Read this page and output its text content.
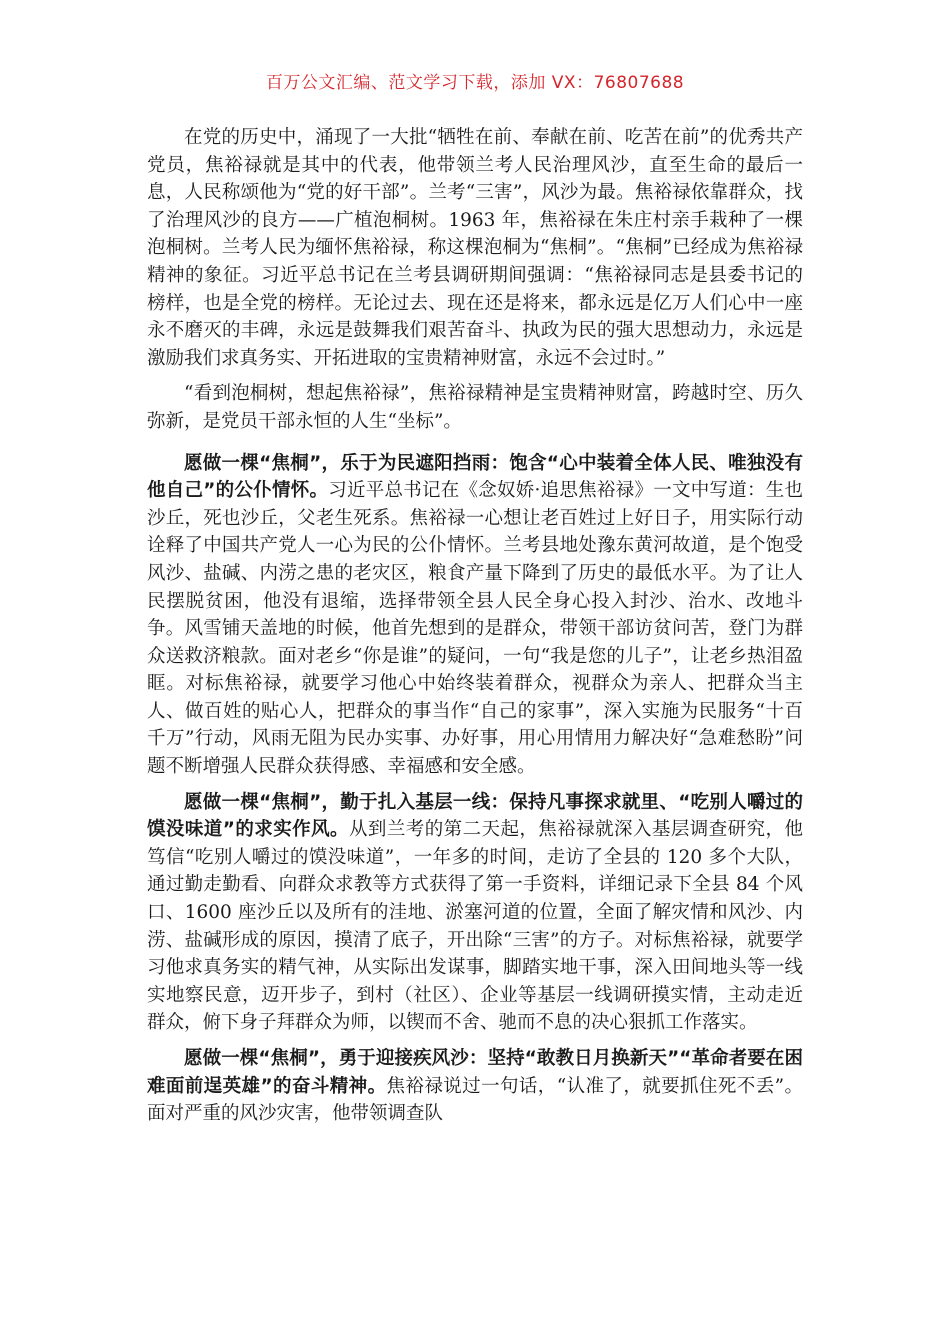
百万公文汇编、范文学习下载，添加 VX：76807688

在党的历史中，涌现了一大批“牺牲在前、奉献在前、吃苦在前”的优秀共产党员，焦裕禄就是其中的代表，他带领兰考人民治理风沙，直至生命的最后一息，人民称颂他为“党的好干部”。兰考“三害”，风沙为最。焦裕禄依靠群众，找了治理风沙的良方——广植泡桐树。1963 年，焦裕禄在朱庄村亲手栽种了一棵泡桐树。兰考人民为缅怀焦裕禄，称这棵泡桐为“焦桐”。“焦桐”已经成为焦裕禄精神的象征。习近平总书记在兰考县调研期间强调：“焦裕禄同志是县委书记的榜样，也是全党的榜样。无论过去、现在还是将来，都永远是亿万人们心中一座永不磨灭的丰碑，永远是鼓舞我们艰苦奋斗、执政为民的强大思想动力，永远是激励我们求真务实、开拓进取的宝贵精神财富，永远不会过时。”

“看到泡桐树，想起焦裕禄”，焦裕禄精神是宝贵精神财富，跨越时空、历久弥新，是党员干部永恒的人生“坐标”。

愿做一棵“焦桐”，乐于为民遮阳挡雨：饱含“心中装着全体人民、唯独没有他自己”的公仆情怀。习近平总书记在《念奴娇·追思焦裕禄》一文中写道：生也沙丘，死也沙丘，父老生死系。焦裕禄一心想让老百姓过上好日子，用实际行动诠释了中国共产党人一心为民的公仆情怀。兰考县地处豫东黄河故道，是个饱受风沙、盐碱、内涝之患的老灾区，粮食产量下降到了历史的最低水平。为了让人民摆脱贫困，他没有退缩，选择带领全县人民全身心投入封沙、治水、改地斗争。风雪铺天盖地的时候，他首先想到的是群众，带领干部访贫问苦，登门为群众送救济粮款。面对老乡“你是谁”的疑问，一句“我是您的儿子”，让老乡热泪盈眶。对标焦裕禄，就要学习他心中始终装着群众，视群众为亲人、把群众当主人、做百姓的贴心人，把群众的事当作“自己的家事”，深入实施为民服务“十百千万”行动，风雨无阻为民办实事、办好事，用心用情用力解决好“急难愁盼”问题不断增强人民群众获得感、幸福感和安全感。

愿做一棵“焦桐”，勤于扎入基层一线：保持凡事探求就里、“吃别人嚼过的馍没味道”的求实作风。从到兰考的第二天起，焦裕禄就深入基层调查研究，他笃信“吃别人嚼过的馍没味道”，一年多的时间，走访了全县的 120 多个大队，通过勤走勤看、向群众求教等方式获得了第一手资料，详细记录下全县 84 个风口、1600 座沙丘以及所有的洼地、淤塞河道的位置，全面了解灾情和风沙、内涝、盐碱形成的原因，摸清了底子，开出除“三害”的方子。对标焦裕禄，就要学习他求真务实的精气神，从实际出发谋事，脚踏实地干事，深入田间地头等一线实地察民意，迈开步子，到村（社区）、企业等基层一线调研摸实情，主动走近群众，俯下身子拜群众为师，以锲而不舍、驰而不息的决心狠抓工作落实。

愿做一棵“焦桐”，勇于迎接疾风沙：坚持“敢教日月换新天”“革命者要在困难面前逞英雄”的奋斗精神。焦裕禄说过一句话，“认准了，就要抓住死不丢”。面对严重的风沙灾害，他带领调查队
